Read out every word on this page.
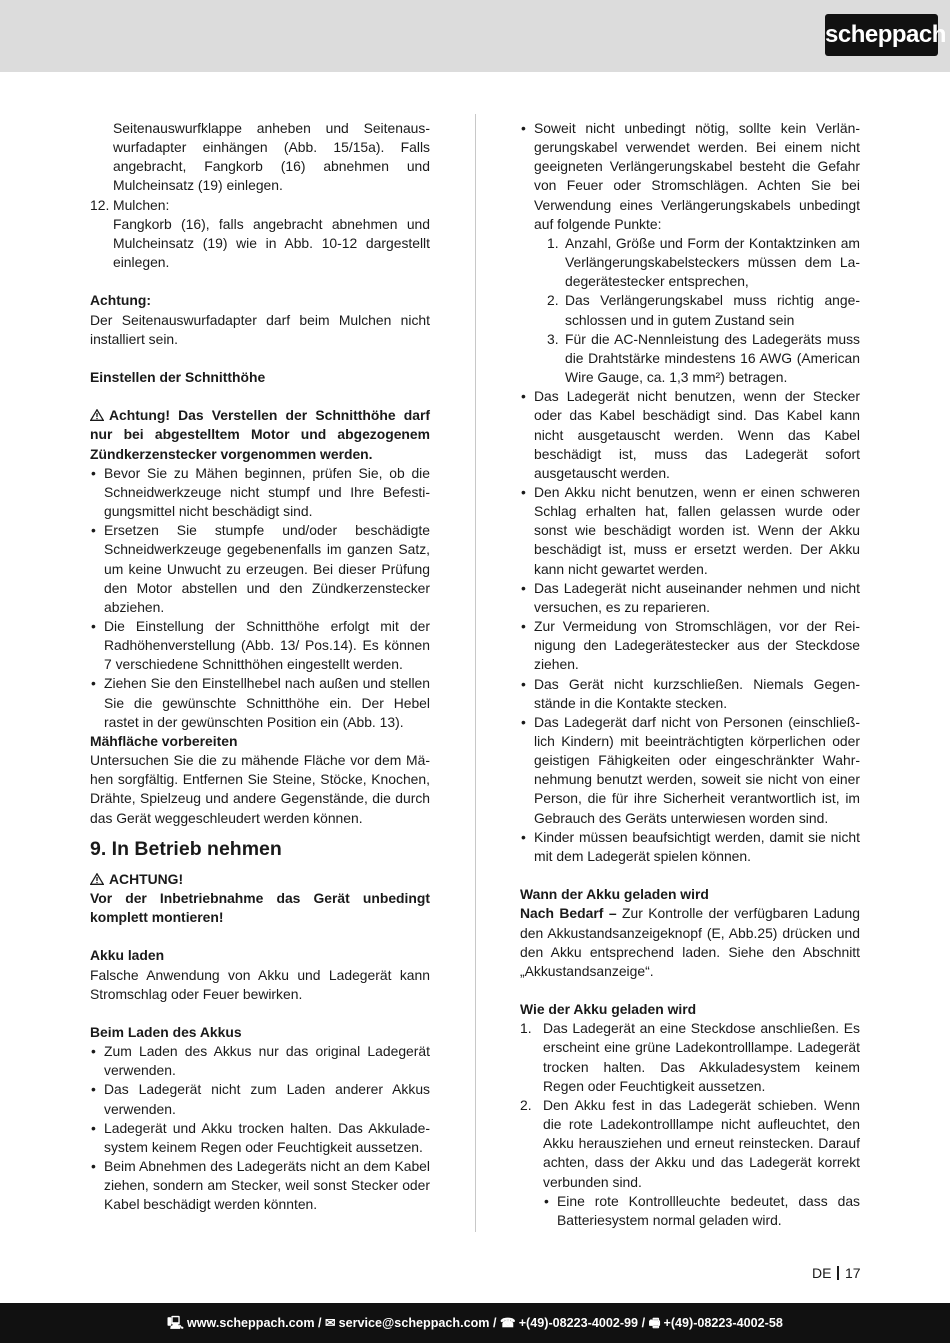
scheppach

Seitenauswurfklappe anheben und Seitenauswurfadapter einhängen (Abb. 15/15a). Falls angebracht, Fangkorb (16) abnehmen und Mulcheinsatz (19) einlegen.

12. Mulchen:

Fangkorb (16), falls angebracht abnehmen und Mulcheinsatz (19) wie in Abb. 10-12 dargestellt einlegen.

Achtung:

Der Seitenauswurfadapter darf beim Mulchen nicht installiert sein.

Einstellen der Schnitthöhe

Achtung! Das Verstellen der Schnitthöhe darf nur bei abgestelltem Motor und abgezogenem Zündkerzenstecker vorgenommen werden.

• Bevor Sie zu Mähen beginnen, prüfen Sie, ob die Schneidwerkzeuge nicht stumpf und Ihre Befestigungsmittel nicht beschädigt sind.
• Ersetzen Sie stumpfe und/oder beschädigte Schneidwerkzeuge gegebenenfalls im ganzen Satz, um keine Unwucht zu erzeugen. Bei dieser Prüfung den Motor abstellen und den Zündkerzenstecker abziehen.
• Die Einstellung der Schnitthöhe erfolgt mit der Radhöhenverstellung (Abb. 13/ Pos.14). Es können 7 verschiedene Schnitthöhen eingestellt werden.
• Ziehen Sie den Einstellhebel nach außen und stellen Sie die gewünschte Schnitthöhe ein. Der Hebel rastet in der gewünschten Position ein (Abb. 13).

Mähfläche vorbereiten

Untersuchen Sie die zu mähende Fläche vor dem Mähen sorgfältig. Entfernen Sie Steine, Stöcke, Knochen, Drähte, Spielzeug und andere Gegenstände, die durch das Gerät weggeschleudert werden können.

9. In Betrieb nehmen

ACHTUNG!

Vor der Inbetriebnahme das Gerät unbedingt komplett montieren!

Akku laden

Falsche Anwendung von Akku und Ladegerät kann Stromschlag oder Feuer bewirken.

Beim Laden des Akkus

• Zum Laden des Akkus nur das original Ladegerät verwenden.
• Das Ladegerät nicht zum Laden anderer Akkus verwenden.
• Ladegerät und Akku trocken halten. Das Akkuladesystem keinem Regen oder Feuchtigkeit aussetzen.
• Beim Abnehmen des Ladegeräts nicht an dem Kabel ziehen, sondern am Stecker, weil sonst Stecker oder Kabel beschädigt werden könnten.
• Soweit nicht unbedingt nötig, sollte kein Verlängerungskabel verwendet werden. Bei einem nicht geeigneten Verlängerungskabel besteht die Gefahr von Feuer oder Stromschlägen. Achten Sie bei Verwendung eines Verlängerungskabels unbedingt auf folgende Punkte:
1. Anzahl, Größe und Form der Kontaktzinken am Verlängerungskabelsteckers müssen dem Ladegerätestecker entsprechen,
2. Das Verlängerungskabel muss richtig angeschlossen und in gutem Zustand sein
3. Für die AC-Nennleistung des Ladegeräts muss die Drahtstärke mindestens 16 AWG (American Wire Gauge, ca. 1,3 mm²) betragen.
• Das Ladegerät nicht benutzen, wenn der Stecker oder das Kabel beschädigt sind. Das Kabel kann nicht ausgetauscht werden. Wenn das Kabel beschädigt ist, muss das Ladegerät sofort ausgetauscht werden.
• Den Akku nicht benutzen, wenn er einen schweren Schlag erhalten hat, fallen gelassen wurde oder sonst wie beschädigt worden ist. Wenn der Akku beschädigt ist, muss er ersetzt werden. Der Akku kann nicht gewartet werden.
• Das Ladegerät nicht auseinander nehmen und nicht versuchen, es zu reparieren.
• Zur Vermeidung von Stromschlägen, vor der Reinigung den Ladegerätestecker aus der Steckdose ziehen.
• Das Gerät nicht kurzschließen. Niemals Gegenstände in die Kontakte stecken.
• Das Ladegerät darf nicht von Personen (einschließlich Kindern) mit beeinträchtigten körperlichen oder geistigen Fähigkeiten oder eingeschränkter Wahrnehmung benutzt werden, soweit sie nicht von einer Person, die für ihre Sicherheit verantwortlich ist, im Gebrauch des Geräts unterwiesen worden sind.
• Kinder müssen beaufsichtigt werden, damit sie nicht mit dem Ladegerät spielen können.

Wann der Akku geladen wird

Nach Bedarf – Zur Kontrolle der verfügbaren Ladung den Akkustandsanzeigeknopf (E, Abb.25) drücken und den Akku entsprechend laden. Siehe den Abschnitt „Akkustandsanzeige“.

Wie der Akku geladen wird

1. Das Ladegerät an eine Steckdose anschließen. Es erscheint eine grüne Ladekontrolllampe. Ladegerät trocken halten. Das Akkuladesystem keinem Regen oder Feuchtigkeit aussetzen.
2. Den Akku fest in das Ladegerät schieben. Wenn die rote Ladekontrolllampe nicht aufleuchtet, den Akku herausziehen und erneut reinstecken. Darauf achten, dass der Akku und das Ladegerät korrekt verbunden sind.
• Eine rote Kontrollleuchte bedeutet, dass das Batteriesystem normal geladen wird.
DE 17
🖳 www.scheppach.com / ✉ service@scheppach.com / ☎ +(49)-08223-4002-99 / 🖷 +(49)-08223-4002-58
